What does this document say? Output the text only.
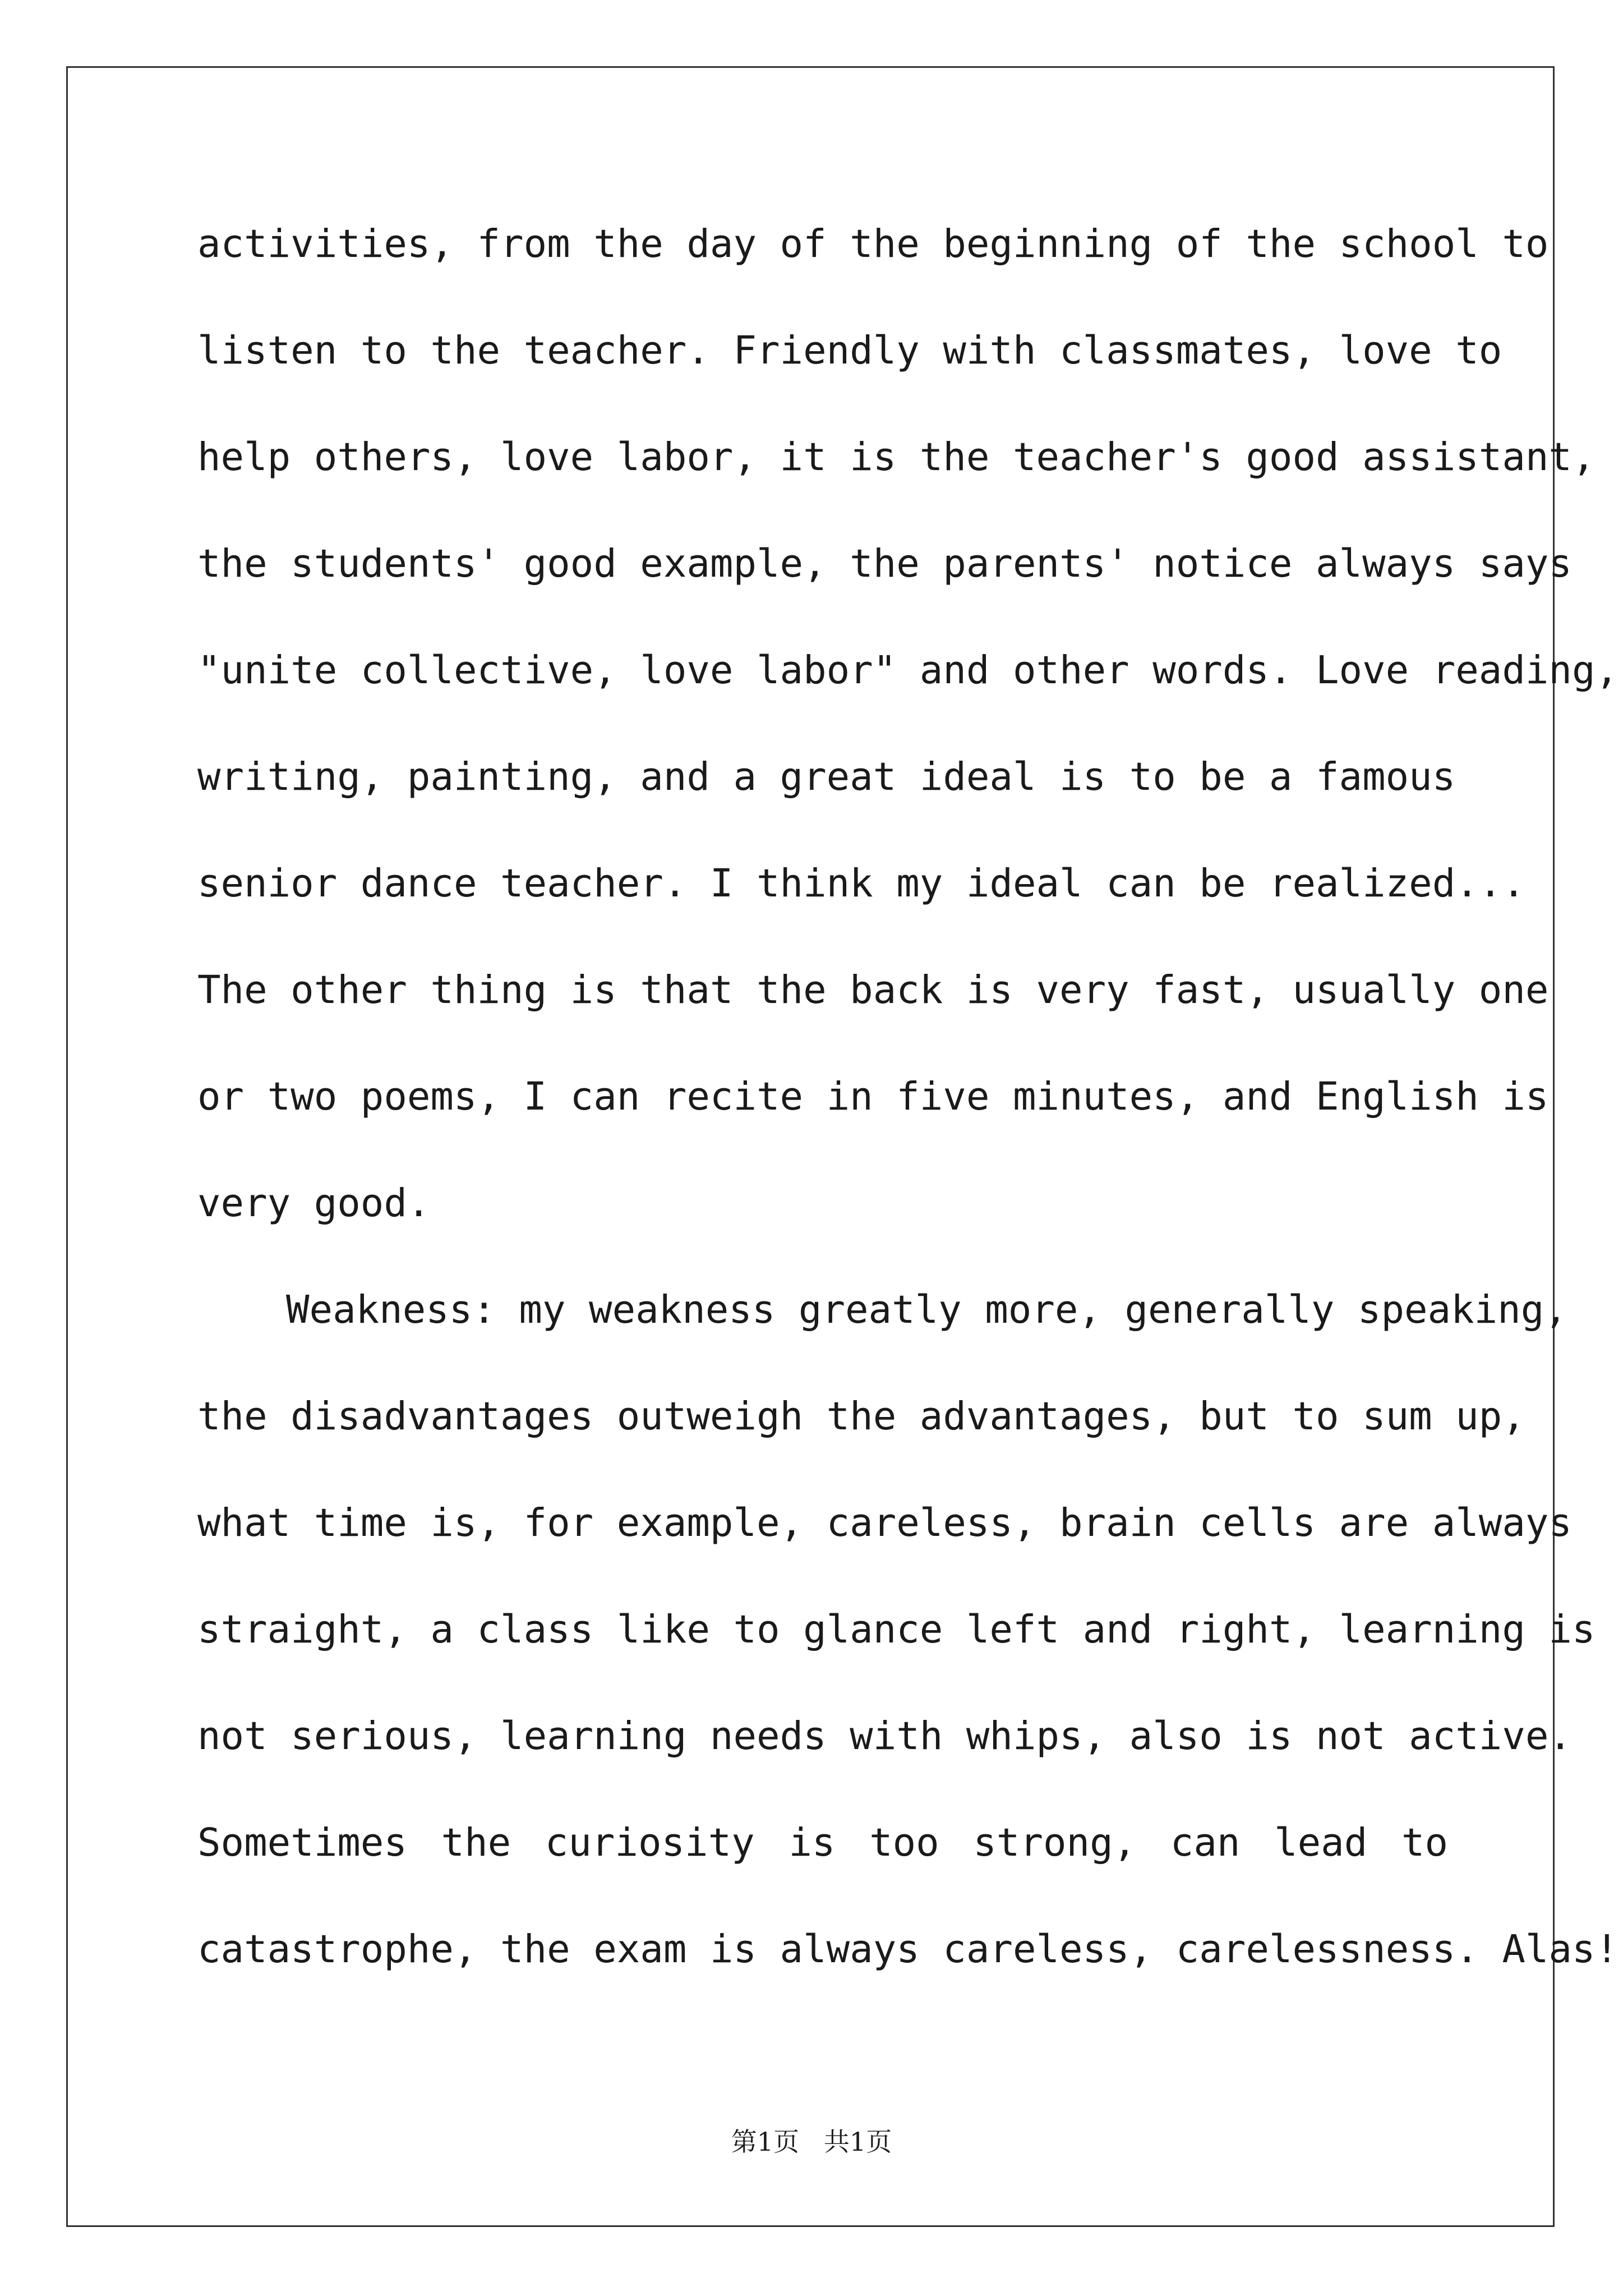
activities, from the day of the beginning of the school to
listen to the teacher. Friendly with classmates, love to
help others, love labor, it is the teacher's good assistant,
the students' good example, the parents' notice always says
"unite collective, love labor" and other words. Love reading,
writing, painting, and a great ideal is to be a famous
senior dance teacher. I think my ideal can be realized...
The other thing is that the back is very fast, usually one
or two poems, I can recite in five minutes, and English is
very good.
Weakness: my weakness greatly more, generally speaking,
the disadvantages outweigh the advantages, but to sum up,
what time is, for example, careless, brain cells are always
straight, a class like to glance left and right, learning is
not serious, learning needs with whips, also is not active.
Sometimes the curiosity is too strong, can lead to
catastrophe, the exam is always careless, carelessness. Alas!
第1页   共1页
